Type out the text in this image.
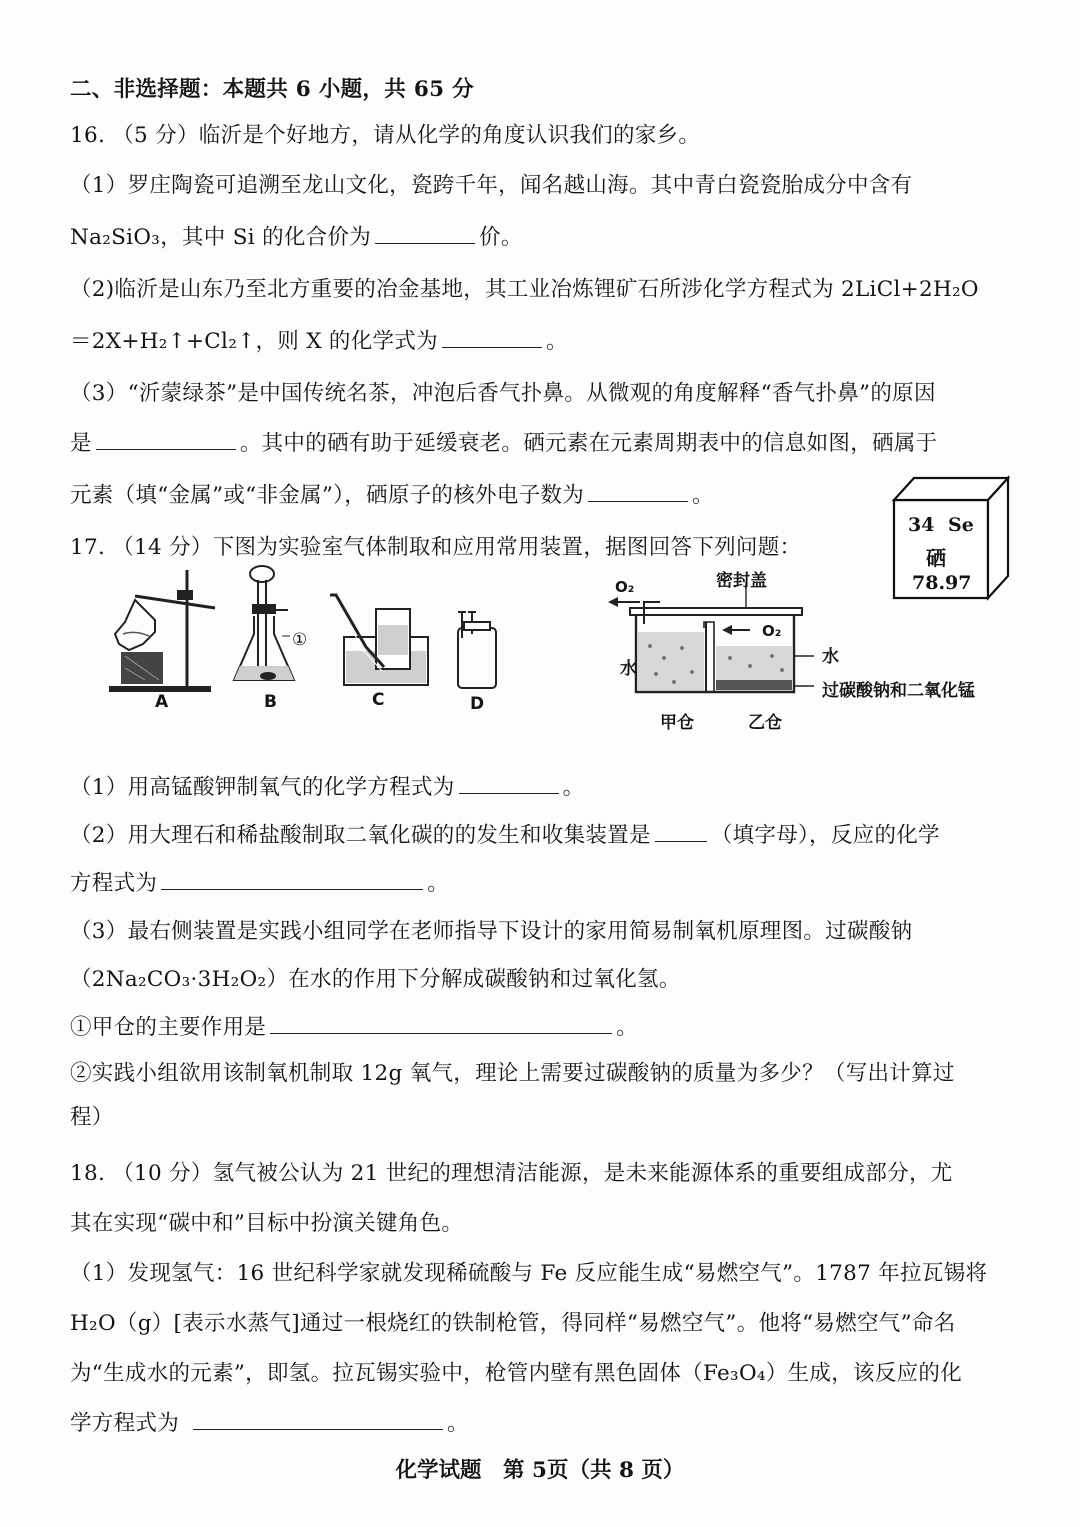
二、非选择题：本题共 6 小题，共 65 分
16. （5 分）临沂是个好地方，请从化学的角度认识我们的家乡。
（1）罗庄陶瓷可追溯至龙山文化，瓷跨千年，闻名越山海。其中青白瓷瓷胎成分中含有
Na₂SiO₃，其中 Si 的化合价为	价。
（2)临沂是山东乃至北方重要的冶金基地，其工业冶炼锂矿石所涉化学方程式为 2LiCl+2H₂O
＝2X+H₂↑+Cl₂↑，则 X 的化学式为	。
（3）“沂蒙绿茶”是中国传统名茶，冲泡后香气扑鼻。从微观的角度解释“香气扑鼻”的原因
是	。其中的硒有助于延缓衰老。硒元素在元素周期表中的信息如图，硒属于
元素（填“金属”或“非金属”），硒原子的核外电子数为	。
34 Se
硒
78.97
17. （14 分）下图为实验室气体制取和应用常用装置，据图回答下列问题：
A
①
B	C	D
O₂	密封盖
O₂
水
水
过碳酸钠和二氧化锰
甲仓	乙仓
（1）用高锰酸钾制氧气的化学方程式为	。
（2）用大理石和稀盐酸制取二氧化碳的的发生和收集装置是	（填字母），反应的化学
方程式为	。
（3）最右侧装置是实践小组同学在老师指导下设计的家用简易制氧机原理图。过碳酸钠
（2Na₂CO₃·3H₂O₂）在水的作用下分解成碳酸钠和过氧化氢。
①甲仓的主要作用是	。
②实践小组欲用该制氧机制取 12g 氧气，理论上需要过碳酸钠的质量为多少？（写出计算过
程）
18. （10 分）氢气被公认为 21 世纪的理想清洁能源，是未来能源体系的重要组成部分，尤
其在实现“碳中和”目标中扮演关键角色。
（1）发现氢气：16 世纪科学家就发现稀硫酸与 Fe 反应能生成“易燃空气”。1787 年拉瓦锡将
H₂O（g）[表示水蒸气]通过一根烧红的铁制枪管，得同样“易燃空气”。他将“易燃空气”命名
为“生成水的元素”，即氢。拉瓦锡实验中，枪管内壁有黑色固体（Fe₃O₄）生成，该反应的化
学方程式为	。
化学试题　第 5页（共 8 页）
